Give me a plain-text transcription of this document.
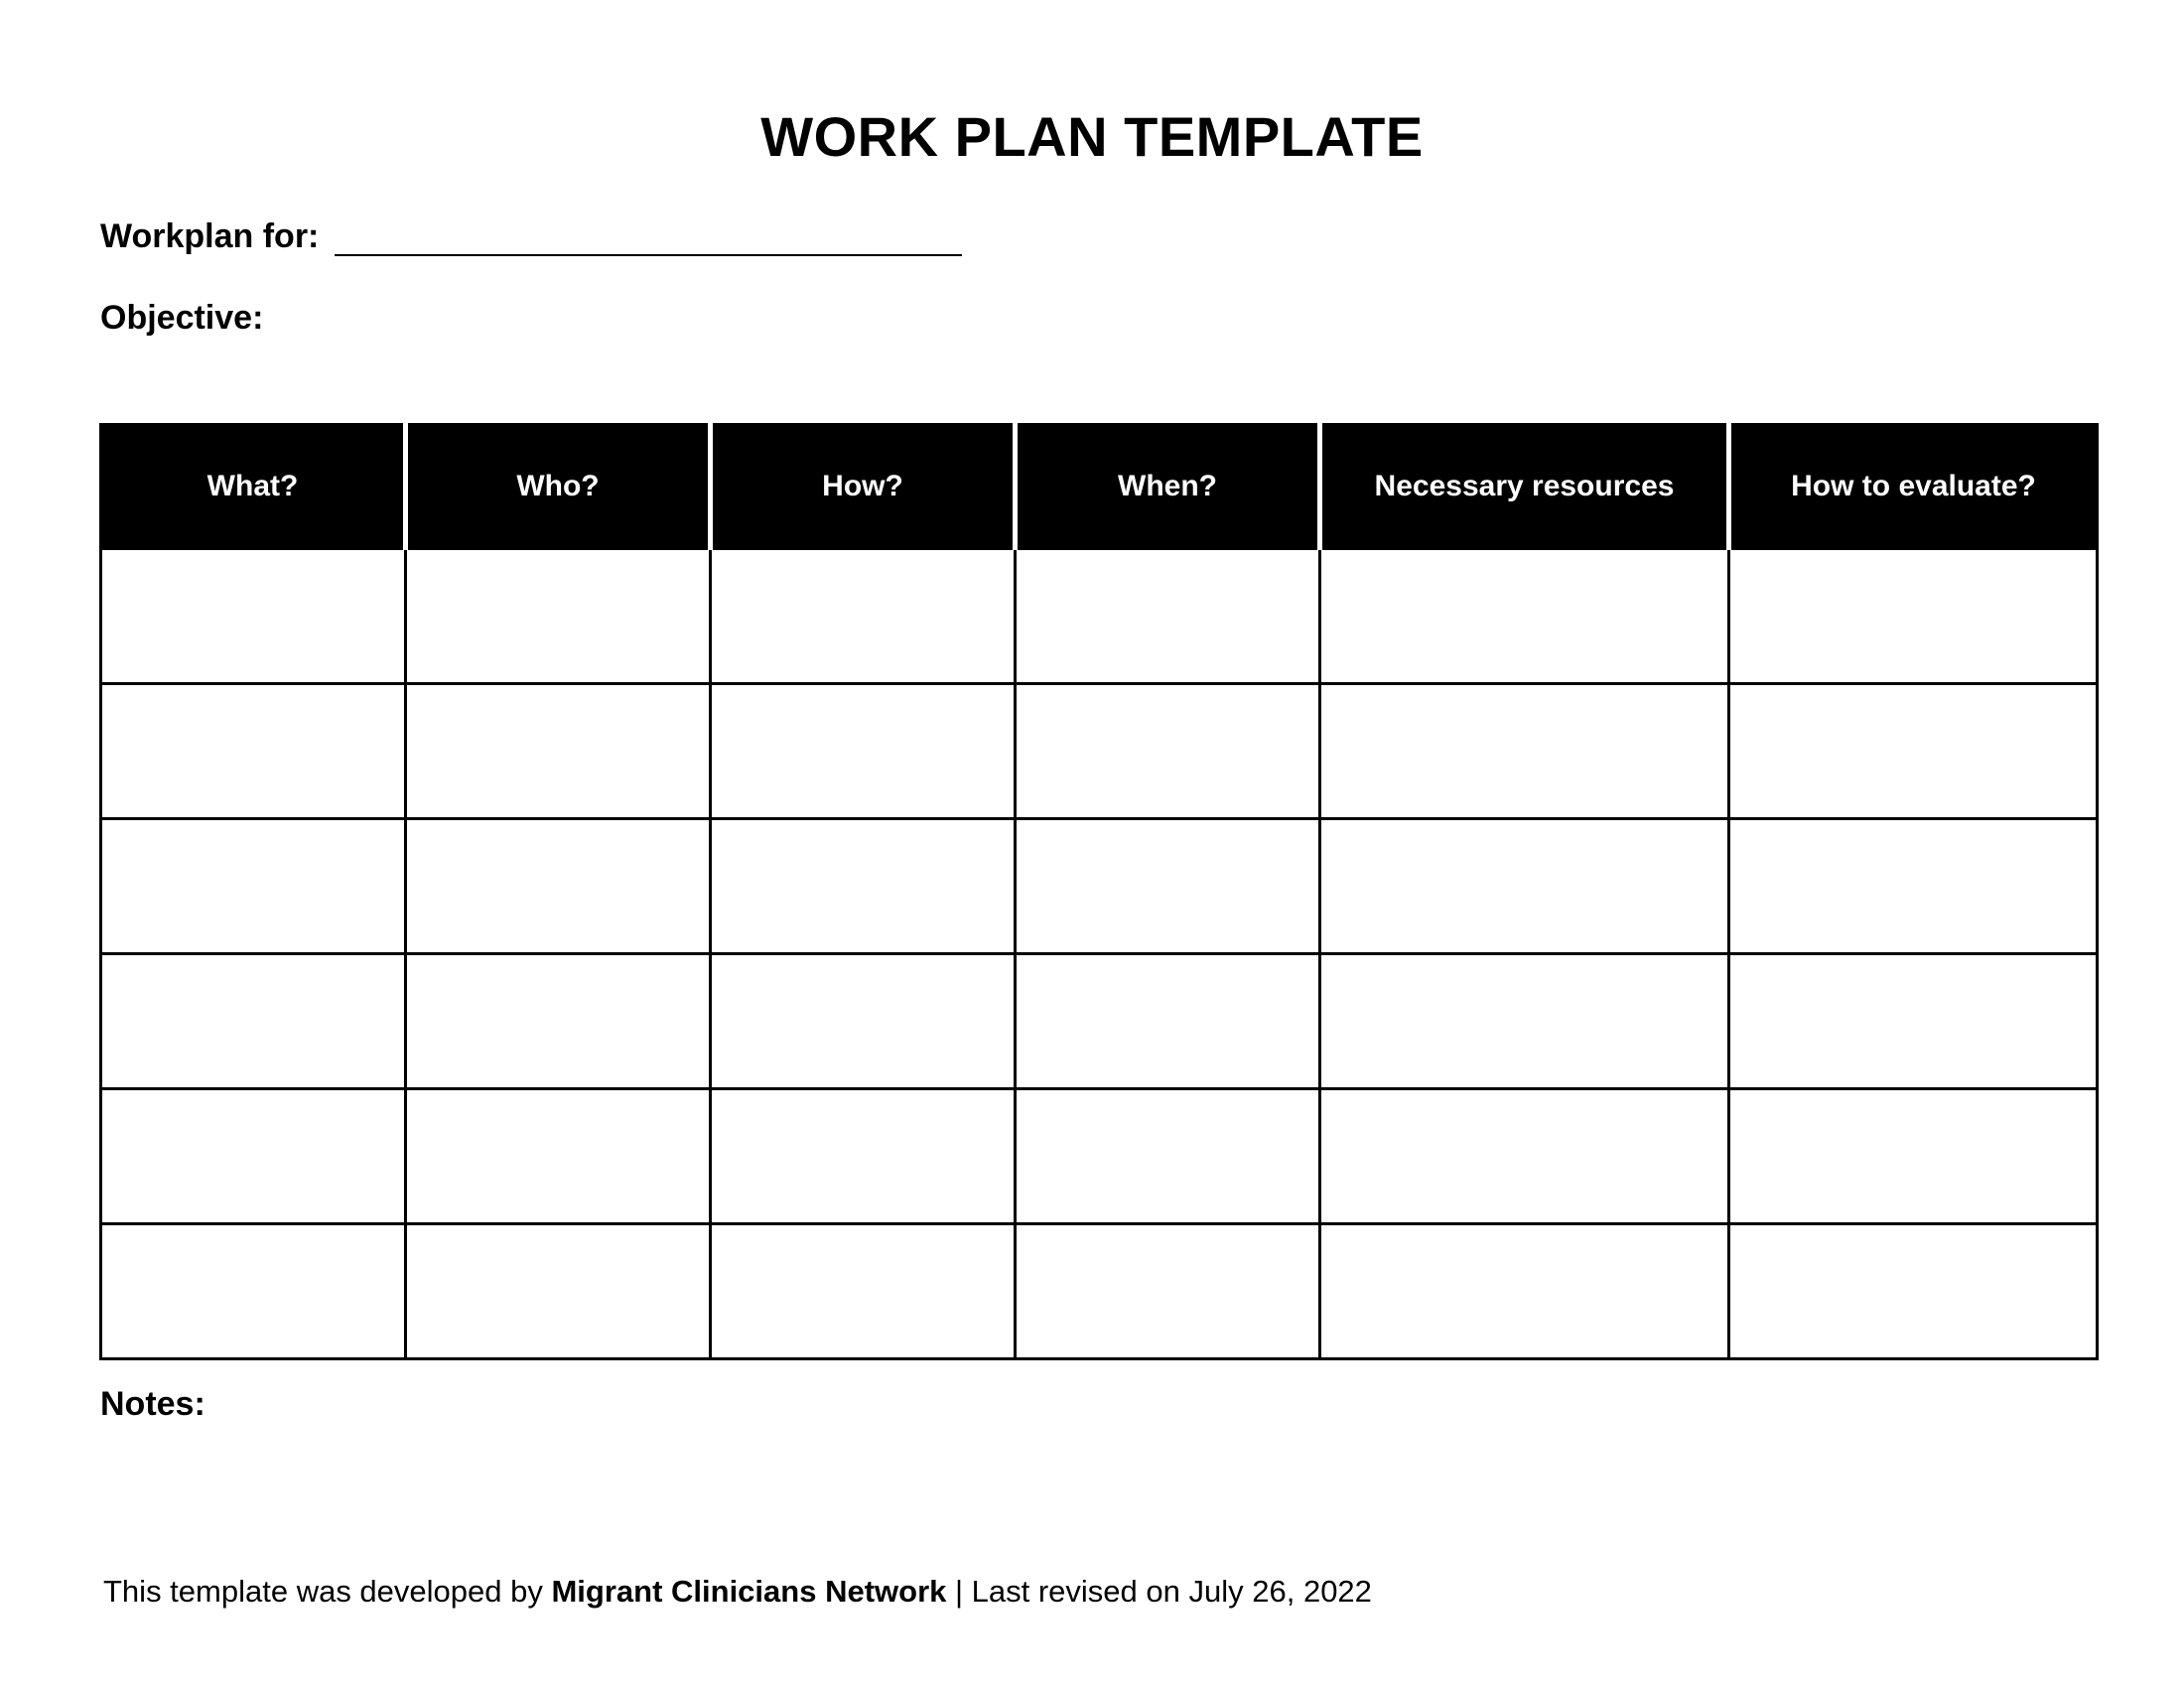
WORK PLAN TEMPLATE
Workplan for:
Objective:
What?	Who?	How?	When?	Necessary resources	How to evaluate?

Notes:
This template was developed by Migrant Clinicians Network | Last revised on July 26, 2022
